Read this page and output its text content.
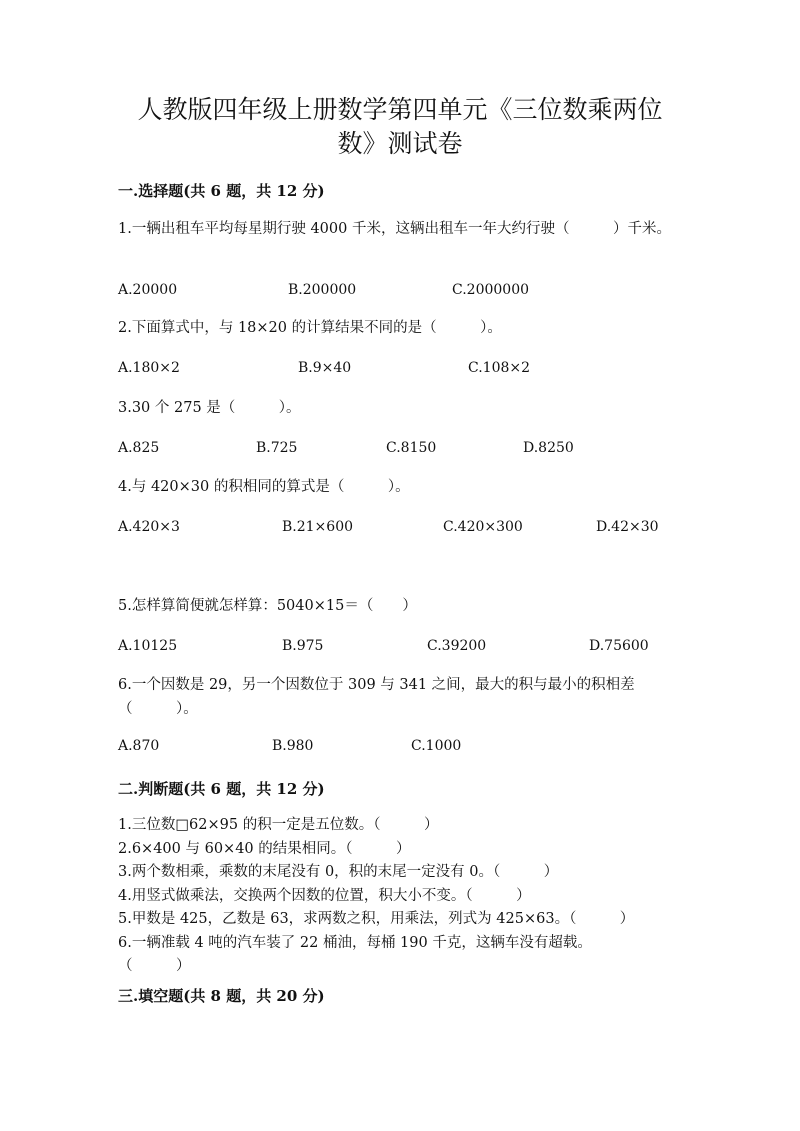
人教版四年级上册数学第四单元《三位数乘两位
数》测试卷
一.选择题(共 6 题，共 12 分)
1.一辆出租车平均每星期行驶 4000 千米，这辆出租车一年大约行驶（　　　）千米。
A.20000	B.200000	C.2000000
2.下面算式中，与 18×20 的计算结果不同的是（　　　）。
A.180×2	B.9×40	C.108×2
3.30 个 275 是（　　　）。
A.825	B.725	C.8150	D.8250
4.与 420×30 的积相同的算式是（　　　）。
A.420×3	B.21×600	C.420×300	D.42×30
5.怎样算简便就怎样算：5040×15＝（　　）
A.10125	B.975	C.39200	D.75600
6.一个因数是 29，另一个因数位于 309 与 341 之间，最大的积与最小的积相差（　　　）。
A.870	B.980	C.1000
二.判断题(共 6 题，共 12 分)
1.三位数□62×95 的积一定是五位数。（　　　）
2.6×400 与 60×40 的结果相同。（　　　）
3.两个数相乘，乘数的末尾没有 0，积的末尾一定没有 0。（　　　）
4.用竖式做乘法，交换两个因数的位置，积大小不变。（　　　）
5.甲数是 425，乙数是 63，求两数之积，用乘法，列式为 425×63。（　　　）
6.一辆准载 4 吨的汽车装了 22 桶油，每桶 190 千克，这辆车没有超载。
（　　　）
三.填空题(共 8 题，共 20 分)
